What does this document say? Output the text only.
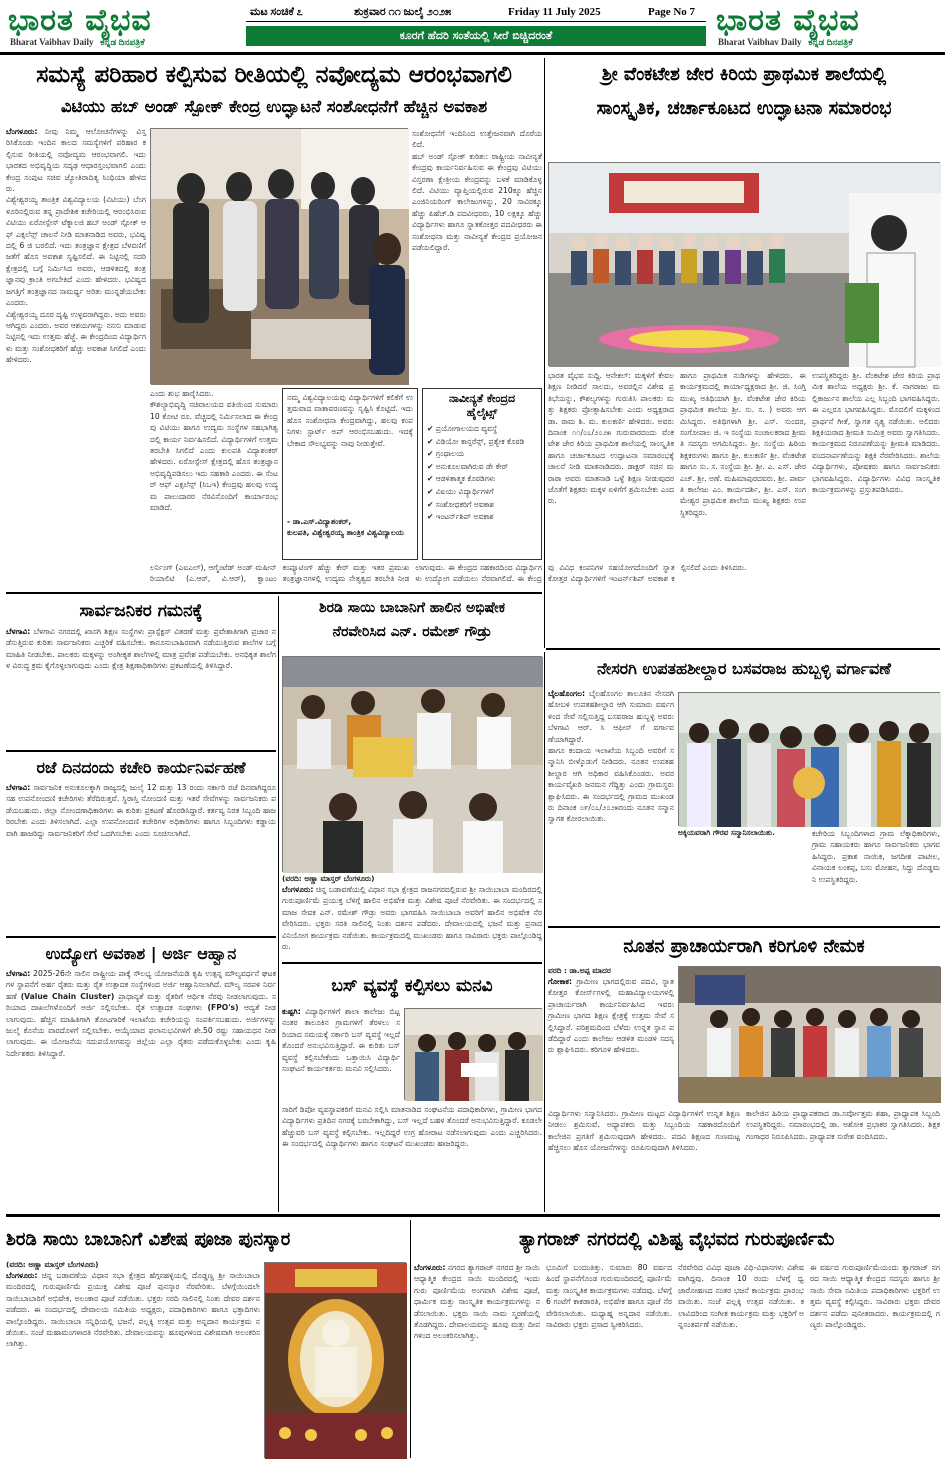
ಭಾರತ ವೈಭವ
Bharat Vaibhav Daily ಕನ್ನಡ ದಿನಪತ್ರಿಕೆ
ಮಟ ಸಂಚಿಕೆ ೭	ಶುಕ್ರವಾರ ೧೧ ಜುಲೈ ೨೦೨೫	Friday 11 July 2025	Page No 7
ಕೂರಗೆ ಹೆದರಿ ಸಂತೆಯಲ್ಲಿ ಸೀರೆ ಬಿಚ್ಚಿದರಂತೆ	ಭಾರತ ವೈಭವ
Bharat Vaibhav Daily ಕನ್ನಡ ದಿನಪತ್ರಿಕೆ
ಸಮಸ್ಯೆ ಪರಿಹಾರ ಕಲ್ಪಿಸುವ ರೀತಿಯಲ್ಲಿ ನವೋದ್ಯಮ ಆರಂಭವಾಗಲಿ
ವಿಟಿಯು ಹಬ್ ಅಂಡ್ ಸ್ಪೋಕ್ ಕೇಂದ್ರ ಉದ್ಘಾಟನೆ ಸಂಶೋಧನೆಗೆ ಹೆಚ್ಚಿನ ಅವಕಾಶ
ಬೆಂಗಳೂರು: ನೀವು ನಿಮ್ಮ ಆಲೋಚನೆಗಳನ್ನು ವಿಸ್ತರಿಸಿಕೊಂಡು ಇಂದಿನ ಕಾಲದ ಸಮಸ್ಯೆಗಳಿಗೆ ಪರಿಹಾರ ಕಲ್ಪಿಸುವ ರೀತಿಯಲ್ಲಿ ನವೋದ್ಯಮ ಆರಂಭವಾಗಲಿ. ಇದು ಭಾರತದ ಅಭಿವೃದ್ಧಿಯ ಸದೃಢ ಆಧಾರಸ್ತಂಭವಾಗಲಿ ಎಂದು ಕೇಂದ್ರ ಸಂಪುಟ ಸಚಿವ ಜ್ಯೋತಿರಾದಿತ್ಯ ಸಿಂಧಿಯಾ ಹೇಳಿದರು.
ವಿಶ್ವೇಶ್ವರಯ್ಯ ತಾಂತ್ರಿಕ ವಿಶ್ವವಿದ್ಯಾಲಯ (ವಿಟಿಯು) ಬೆಂಗಳೂರಿನಲ್ಲಿರುವ ತನ್ನ ಪ್ರಾದೇಶಿಕ ಕಚೇರಿಯಲ್ಲಿ ಆರಂಭಿಸಿರುವ ವಿಟಿಯು ಏರೋಸ್ಪೇಸ್ ಟೆಕ್ನಾಲಜಿ ಹಬ್ ಅಂಡ್ ಸ್ಪೋಕ್ ಆಫ್ ಎಕ್ಸಲೆನ್ಸ್ ಚಾಲನೆ ನೀಡಿ ಮಾತನಾಡಿದ ಅವರು, ಭವಿಷ್ಯದಲ್ಲಿ 6 ಜಿ ಬರಲಿದೆ. ಇದು ತಂತ್ರಜ್ಞಾನ ಕ್ಷೇತ್ರದ ಬೆಳವಣಿಗೆ ಜತೆಗೆ ಹೊಸ ಅವಕಾಶ ಸೃಷ್ಟಿಸಲಿದೆ. ಈ ನಿಟ್ಟಿನಲ್ಲಿ ಸದರಿ ಕ್ಷೇತ್ರದಲ್ಲಿ ಬಗ್ಗೆ ನಿರ್ಮಿಸಿದ ಅವರು, ಆಡಳಿತದಲ್ಲಿ ತಂತ್ರಜ್ಞಾನವು ಕ್ರಾಂತಿ ಅಗಬೇಕಿದೆ ಎಂದು ಹೇಳಿದರು. ಭವಿಷ್ಯದ ಜಗತ್ತಿಗೆ ತಂತ್ರಜ್ಞಾನದ ಸಾಮರ್ಥ್ಯ ಅರಿತು ಮುನ್ನಡೆಯಬೇಕು ಎಂದರು.
ವಿಶ್ವೇಶ್ವರಯ್ಯ ದೂರ ದೃಷ್ಟಿ ಉಳ್ಳವರಾಗಿದ್ದರು. ಅದು ಅವರು ಆಗಿದ್ದರು ಎಂದರು. ಅವರ ಆಶಯಗಳನ್ನು ನನಸು ಮಾಡುವ ನಿಟ್ಟಿನಲ್ಲಿ ಇದು ಉತ್ತಮ ಹೆಜ್ಜೆ. ಈ ಕೇಂದ್ರದಿಂದ ವಿದ್ಯಾರ್ಥಿಗಳು ಮತ್ತು ಸಂಶೋಧಕರಿಗೆ ಹೆಚ್ಚು ಅವಕಾಶ ಸಿಗಲಿದೆ ಎಂದು ಹೇಳಿದರು.
ಎಂದು ಶುಭ ಹಾರೈಸಿದರು.
ಕೌಶಲ್ಯಾಭಿವೃದ್ಧಿ ಸಚಿವಾಲಯದ ವತಿಯಿಂದ ಸುಮಾರು 10 ಕೋಟಿ ರೂ. ವೆಚ್ಚದಲ್ಲಿ ನಿರ್ಮಿಸಲಾದ ಈ ಕೇಂದ್ರವು ವಿಟಿಯು ಹಾಗೂ ಉದ್ಯಮ ಸಂಸ್ಥೆಗಳ ಸಹಭಾಗಿತ್ವದಲ್ಲಿ ಕಾರ್ಯ ನಿರ್ವಹಿಸಲಿದೆ. ವಿದ್ಯಾರ್ಥಿಗಳಿಗೆ ಉತ್ತಮ ತರಬೇತಿ ಸಿಗಲಿದೆ ಎಂದು ಕುಲಪತಿ ವಿದ್ಯಾಶಂಕರ್ ಹೇಳಿದರು. ಏರೋಸ್ಪೇಸ್ ಕ್ಷೇತ್ರದಲ್ಲಿ ಹೊಸ ತಂತ್ರಜ್ಞಾನ ಅಭಿವೃದ್ಧಿಪಡಿಸಲು ಇದು ಸಹಕಾರಿ ಎಂದರು. ಈ ಸೆಂಟರ್ ಆಫ್ ಎಕ್ಸಲೆನ್ಸ್ (ಸಿಒಇ) ಕೇಂದ್ರವು ಹಲವು ಉದ್ಯಮ ಪಾಲುದಾರರ ನೆರವಿನೊಂದಿಗೆ ಕಾರ್ಯಾರಂಭ ಮಾಡಿದೆ.
ನಮ್ಮ ವಿಶ್ವವಿದ್ಯಾಲಯವು ವಿದ್ಯಾರ್ಥಿಗಳಿಗೆ ಕಲಿಕೆಗೆ ಉತ್ತಮವಾದ ವಾತಾವರಣವನ್ನು ಸೃಷ್ಟಿಸಿ ಕೊಟ್ಟಿದೆ. ಇದು ಹೊಸ ಸಂಶೋಧನಾ ಕೇಂದ್ರವಾಗಿದ್ದು, ಹಲವು ಕಂಪನಿಗಳು ಸ್ಟಾರ್ಟ್ ಅಪ್ ಆರಂಭಿಸಬಹುದು. ಇದಕ್ಕೆ ಬೇಕಾದ ಸೌಲಭ್ಯವನ್ನು ನಾವು ನೀಡುತ್ತೇವೆ.
- ಡಾ.ಎಸ್.ವಿದ್ಯಾಶಂಕರ್,
ಕುಲಪತಿ, ವಿಶ್ವೇಶ್ವರಯ್ಯ ತಾಂತ್ರಿಕ ವಿಶ್ವವಿದ್ಯಾಲಯ
ನಾವೀನ್ಯತೆ ಕೇಂದ್ರದ
ಹೈಲೈಟ್ಸ್
✔ ಪ್ರಯೋಗಾಲಯದ ವ್ಯವಸ್ಥೆ
✔ ವಿಡಿಯೋ ಕಾನ್ಫರೆನ್ಸ್, ಪ್ರತ್ಯೇಕ ಕೊಠಡಿ
✔ ಗ್ರಂಥಾಲಯ
✔ ಅನುಕೂಲವಾಗಿರುವ ಡೇ ಕೇರ್
✔ ಆಡಳಿತಾತ್ಮಕ ಕೊಠಡಿಗಳು
✔ ವಿಐಯು ವಿದ್ಯಾರ್ಥಿಗಳಿಗೆ
✔ ಸಂಶೋಧಕರಿಗೆ ಅವಕಾಶ
✔ ಇಂಟರ್ನ್‌ಶಿಪ್ ಅವಕಾಶ
ಸಂಶೋಧನೆಗೆ ಇಂದಿನಿಂದ ಉತ್ತೇಜನವಾಗಿ ದೊರೆಯಲಿದೆ.
ಹಬ್ ಅಂಡ್ ಸ್ಪೋಕ್ ಕುರಿತು: ರಾಷ್ಟ್ರೀಯ ನಾವೀನ್ಯತೆ ಕೇಂದ್ರವು ಕಾರ್ಯನಿರ್ವಹಿಸುವ ಈ ಕೇಂದ್ರವು ವಿಟಿಯು ವಿಸ್ತರಣಾ ಕ್ಷೇತ್ರೀಯ ಕೇಂದ್ರವನ್ನು ಬಳಕೆ ಮಾಡಿಕೊಳ್ಳಲಿದೆ. ವಿಟಿಯು ವ್ಯಾಪ್ತಿಯಲ್ಲಿರುವ 210ಕ್ಕೂ ಹೆಚ್ಚಿನ ಎಂಜಿನಿಯರಿಂಗ್ ಕಾಲೇಜುಗಳನ್ನು, 20 ಸಾವಿರಕ್ಕೂ ಹೆಚ್ಚು ಪಿಹೆಚ್.ಡಿ ಪದವೀಧರರು, 10 ಲಕ್ಷಕ್ಕೂ ಹೆಚ್ಚು ವಿದ್ಯಾರ್ಥಿಗಳು ಹಾಗೂ ಸ್ನಾತಕೋತ್ತರ ಪದವೀಧರರು ಈ ಸಂಶೋಧನಾ ಮತ್ತು ನಾವೀನ್ಯತೆ ಕೇಂದ್ರದ ಪ್ರಯೋಜನ ಪಡೆಯಲಿದ್ದಾರೆ.
ಲರ್ನಿಂಗ್ (ಎಐಎಲ್), ಆಗ್ಮೆಂಟೆಡ್ ಅಂಡ್ ಮಷೀನ್ ರಿಯಾಲಿಟಿ (ಎ.ಆರ್, ವಿ.ಆರ್), ಕ್ವಾಂಟಂ ಕಂಪ್ಯೂಟಿಂಗ್ ಹೆಚ್ಚು ಕೇರ್ ಮತ್ತು ಇತರ ಪ್ರಮುಖ ತಂತ್ರಜ್ಞಾನಗಳಲ್ಲಿ ಉದ್ಯಮ ನೇತೃತ್ವದ ತರಬೇತಿ ನೀಡಲಾಗುವುದು. ಈ ಕೇಂದ್ರದ ಸಹಕಾರದಿಂದ ವಿದ್ಯಾರ್ಥಿಗಳು ಉದ್ಯೋಗ ಪಡೆಯಲು ನೆರವಾಗಲಿದೆ. ಈ ಕೇಂದ್ರವು ವಿವಿಧ ಕಂಪನಿಗಳ ಸಹಯೋಗದೊಂದಿಗೆ ಸ್ನಾತಕೋತ್ತರ ವಿದ್ಯಾರ್ಥಿಗಳಿಗೆ ಇಂಟರ್ನ್‌ಶಿಪ್ ಅವಕಾಶ ಕಲ್ಪಿಸಲಿದೆ ಎಂದು ತಿಳಿಸಿದರು.
ಶ್ರೀ ವೆಂಕಟೇಶ ಜೇರ ಕಿರಿಯ ಪ್ರಾಥಮಿಕ ಶಾಲೆಯಲ್ಲಿ
ಸಾಂಸ್ಕೃತಿಕ, ಚರ್ಚಾಕೂಟದ ಉದ್ಘಾಟನಾ ಸಮಾರಂಭ
ಭಾರತ ವೈಭವ ಸುದ್ದಿ. ಆನೇಕಲ್: ಮಕ್ಕಳಿಗೆ ಕೇವಲ ಶಿಕ್ಷಣ ನೀಡಿದರೆ ಸಾಲದು, ಅವರಲ್ಲಿನ ವಿಶೇಷ ಪ್ರತಿಭೆಯನ್ನು, ಕೌಶಲ್ಯಗಳನ್ನು ಗುರುತಿಸಿ ಪಾಲಕರು ಮತ್ತು ಶಿಕ್ಷಕರು ಪ್ರೋತ್ಸಾಹಿಸಬೇಕು ಎಂದು ಅಧ್ಯಕ್ಷರಾದ ಡಾ. ರಾಮ ಶಿ. ಮ. ಕುಲಕರ್ಣಿ ಹೇಳಿದರು. ಅವರು ದಿನಾಂಕ ೧೧/೦೭/೨೦೨೫ ಗುರುವಾರದಂದು ವೆಂಕಟೇಶ ಜೇರ ಕಿರಿಯ ಪ್ರಾಥಮಿಕ ಶಾಲೆಯಲ್ಲಿ ಸಾಂಸ್ಕೃತಿಕ ಹಾಗೂ ಚರ್ಚಾಕೂಟದ ಉದ್ಘಾಟನಾ ಸಮಾರಂಭಕ್ಕೆ ಚಾಲನೆ ನೀಡಿ ಮಾತನಾಡಿದರು. ಡಾಕ್ಟರ್ ಸಚಿನ ಮರಾಠಾ ಅವರು ಮಾತನಾಡಿ ಒಳ್ಳೆ ಶಿಕ್ಷಣ ನೀಡುವುದರ ಜೊತೆಗೆ ಶಿಕ್ಷಕರು ಮಕ್ಕಳ ಏಳಿಗೆಗೆ ಶ್ರಮಿಸಬೇಕು ಎಂದರು.
ಹಾಗೂ ಪ್ರಾಥಮಿಕ ನುಡಿಗಳನ್ನು ಹೇಳಿದರು. ಈ ಕಾರ್ಯಕ್ರಮದಲ್ಲಿ ಕಾರ್ಯಾಧ್ಯಕ್ಷರಾದ ಶ್ರೀ. ಜಿ. ಸಿಂಗ್ತಿ ಮುಖ್ಯ ಅತಿಥಿಯಾಗಿ ಶ್ರೀ. ವೆಂಕಟೇಶ ಜೇರ ಕಿರಿಯ ಪ್ರಾಥಮಿಕ ಶಾಲೆಯ ಶ್ರೀ. ಸು. ಸ. ) ಅವರು ಆಗಮಿಸಿದ್ದರು. ಅತಿಥಿಗಳಾಗಿ ಶ್ರೀ. ಎಸ್. ಸುಂದರ, ಸಂಗೋಪಾಲ ಜಿ. ಇ ಸಂಸ್ಥೆಯ ಸಂಚಾಲಕರಾದ ಶ್ರೀಮತಿ ಸದಸ್ಯರು ಅಗಮಿಸಿದ್ದರು. ಶ್ರೀ. ಸಂಸ್ಥೆಯ ಹಿರಿಯ ಶಿಕ್ಷಕರುಗಳು ಹಾಗೂ ಶ್ರೀ. ಕುಲಕರ್ಣಿ ಶ್ರೀ. ವೆಂಕಟೇಶ ಹಾಗೂ ಸು. ಸ. ಸಂಸ್ಥೆಯ ಶ್ರೀ. ಶ್ರೀ. ಎ. ಎಸ್. ಜೇರ ಎಚ್. ಶ್ರೀ. ಅಣೆ. ಮಹಿಮಾಪುರದವರು. ಶ್ರೀ. ಪಾರ್ವತಿ ಕಾಲೇಜು ಎಂ. ಕಾರ್ಯದರ್ಶಿ, ಶ್ರೀ. ಎಸ್. ಸಂಗಮೇಶ್ವರ ಪ್ರಾಥಮಿಕ ಶಾಲೆಯ ಮುಖ್ಯ ಶಿಕ್ಷಕರು ಉಪಸ್ಥಿತರಿದ್ದರು.
ಉಪಸ್ಥಿತರಿದ್ದರು ಶ್ರೀ. ವೆಂಕಟೇಶ ಜೇರ ಕಿರಿಯ ಪ್ರಾಥಮಿಕ ಶಾಲೆಯ ಅಧ್ಯಕ್ಷರು ಶ್ರೀ. ಕೆ. ನಾಗರಾಜು ಮಲ್ಲಿಕಾರ್ಜುನ ಶಾಲೆಯ ಎಲ್ಲ ಸಿಬ್ಬಂದಿ ಭಾಗವಹಿಸಿದ್ದರು. ಈ ಎಲ್ಲರೂ ಭಾಗವಹಿಸಿದ್ದರು. ಮೊದಲಿಗೆ ಮಕ್ಕಳಿಂದ ಪ್ರಾರ್ಥನೆ ಗೀತೆ, ಸ್ವಾಗತ ನೃತ್ಯ ನಡೆಯಿತು. ಅಲಿದರು ಶಿಕ್ಷಕಿಯರಾದ ಶ್ರೀಮತಿ ಸುಮಿತ್ರ ಅವರು ಸ್ವಾಗತಿಸಿದರು. ಕಾರ್ಯಕ್ರಮದ ನಿರೂಪಣೆಯನ್ನು ಶ್ರೀಮತಿ ಮಾಡಿದರು. ವಂದನಾರ್ಪಣೆಯನ್ನು ಶಿಕ್ಷಕಿ ನೆರವೇರಿಸಿದರು. ಶಾಲೆಯ ವಿದ್ಯಾರ್ಥಿಗಳು, ಪೋಷಕರು ಹಾಗೂ ಸಾರ್ವಜನಿಕರು ಭಾಗವಹಿಸಿದ್ದರು. ವಿದ್ಯಾರ್ಥಿಗಳು ವಿವಿಧ ಸಾಂಸ್ಕೃತಿಕ ಕಾರ್ಯಕ್ರಮಗಳನ್ನು ಪ್ರಸ್ತುತಪಡಿಸಿದರು.
ಸಾರ್ವಜನಿಕರ ಗಮನಕ್ಕೆ
ಬೆಳಗಾವಿ: ಬೆಳಗಾವಿ ನಗರದಲ್ಲಿ ಖಾಸಗಿ ಶಿಕ್ಷಣ ಸಂಸ್ಥೆಗಳು ಪ್ರಾಸ್ಪೆಕ್ಟಸ್ ವಿತರಣೆ ಮತ್ತು ಪ್ರವೇಶಾತಿಗಾಗಿ ಪ್ರಚಾರ ನಡೆಸುತ್ತಿರುವ ಕುರಿತು ಸಾರ್ವಜನಿಕರು ಎಚ್ಚರಿಕೆ ವಹಿಸಬೇಕು. ಕಾನೂನುಬಾಹಿರವಾಗಿ ನಡೆಯುತ್ತಿರುವ ಶಾಲೆಗಳ ಬಗ್ಗೆ ಮಾಹಿತಿ ನೀಡಬೇಕು. ಪಾಲಕರು ಮಕ್ಕಳನ್ನು ಅಂಗೀಕೃತ ಶಾಲೆಗಳಲ್ಲಿ ಮಾತ್ರ ಪ್ರವೇಶ ಪಡೆಯಬೇಕು. ಅನಧಿಕೃತ ಶಾಲೆಗಳ ವಿರುದ್ಧ ಕ್ರಮ ಕೈಗೊಳ್ಳಲಾಗುವುದು ಎಂದು ಕ್ಷೇತ್ರ ಶಿಕ್ಷಣಾಧಿಕಾರಿಗಳು ಪ್ರಕಟಣೆಯಲ್ಲಿ ತಿಳಿಸಿದ್ದಾರೆ.
ರಜೆ ದಿನದಂದು ಕಚೇರಿ ಕಾರ್ಯನಿರ್ವಹಣೆ
ಬೆಳಗಾವಿ: ಸಾರ್ವಜನಿಕ ಅನುಕೂಲಕ್ಕಾಗಿ ರಾಜ್ಯದಲ್ಲಿ ಜುಲೈ 12 ಮತ್ತು 13 ರಂದು ಸರ್ಕಾರಿ ರಜೆ ದಿನವಾಗಿದ್ದರೂ ಸಹ ಉಪನೋಂದಣಿ ಕಚೇರಿಗಳು ತೆರೆದಿರುತ್ತವೆ. ಸ್ಥಿರಾಸ್ತಿ ನೋಂದಣಿ ಮತ್ತು ಇತರೆ ಸೇವೆಗಳನ್ನು ಸಾರ್ವಜನಿಕರು ಪಡೆಯಬಹುದು. ಜಿಲ್ಲಾ ನೋಂದಣಾಧಿಕಾರಿಗಳು ಈ ಕುರಿತು ಪ್ರಕಟಣೆ ಹೊರಡಿಸಿದ್ದಾರೆ. ಕರ್ತವ್ಯ ನಿರತ ಸಿಬ್ಬಂದಿ ಹಾಜರಿರಬೇಕು ಎಂದು ತಿಳಿಸಲಾಗಿದೆ. ಎಲ್ಲಾ ಉಪನೋಂದಣಿ ಕಚೇರಿಗಳ ಅಧಿಕಾರಿಗಳು ಹಾಗೂ ಸಿಬ್ಬಂದಿಗಳು ಕಡ್ಡಾಯವಾಗಿ ಹಾಜರಿದ್ದು ಸಾರ್ವಜನಿಕರಿಗೆ ಸೇವೆ ಒದಗಿಸಬೇಕು ಎಂದು ಸೂಚಿಸಲಾಗಿದೆ.
ಉದ್ಯೋಗ ಅವಕಾಶ | ಅರ್ಜಿ ಆಹ್ವಾನ
ಬೆಳಗಾವಿ: 2025-26ನೇ ಸಾಲಿನ ರಾಷ್ಟ್ರೀಯ ಪಾಕ್ಕೆ ಸೌಲಭ್ಯ ಯೋಜನೆಯಡಿ ಕೃಷಿ ಉತ್ಪನ್ನ ಮೌಲ್ಯವರ್ಧನೆ ಘಟಕಗಳ ಸ್ಥಾಪನೆಗೆ ಅರ್ಹ ರೈತರು ಮತ್ತು ರೈತ ಉತ್ಪಾದಕ ಸಂಸ್ಥೆಗಳಿಂದ ಅರ್ಜಿ ಆಹ್ವಾನಿಸಲಾಗಿದೆ. ಮೌಲ್ಯ ಸರಪಳಿ ನಿರ್ವಹಣೆ (Value Chain Cluster) ಪ್ರಾಧಾನ್ಯತೆ ಮತ್ತು ರೈತರಿಗೆ ಆರ್ಥಿಕ ನೆರವು ನೀಡಲಾಗುವುದು. ಸರಿಯಾದ ದಾಖಲೆಗಳೊಂದಿಗೆ ಅರ್ಜಿ ಸಲ್ಲಿಸಬೇಕು. ರೈತ ಉತ್ಪಾದಕ ಸಂಘಗಳು (FPO's) ಆದ್ಯತೆ ನೀಡಲಾಗುವುದು. ಹೆಚ್ಚಿನ ಮಾಹಿತಿಗಾಗಿ ತೋಟಗಾರಿಕೆ ಇಲಾಖೆಯ ಕಚೇರಿಯನ್ನು ಸಂಪರ್ಕಿಸಬಹುದು. ಅರ್ಜಿಗಳನ್ನು ಜುಲೈ ಕೊನೆಯ ವಾರದೊಳಗೆ ಸಲ್ಲಿಸಬೇಕು. ಆಯ್ಕೆಯಾದ ಫಲಾನುಭವಿಗಳಿಗೆ ಶೇ.50 ರಷ್ಟು ಸಹಾಯಧನ ನೀಡಲಾಗುವುದು. ಈ ಯೋಜನೆಯ ಸದುಪಯೋಗವನ್ನು ಜಿಲ್ಲೆಯ ಎಲ್ಲಾ ರೈತರು ಪಡೆದುಕೊಳ್ಳಬೇಕು ಎಂದು ಕೃಷಿ ನಿರ್ದೇಶಕರು ತಿಳಿಸಿದ್ದಾರೆ.
ಶಿರಡಿ ಸಾಯಿ ಬಾಬಾನಿಗೆ ಹಾಲಿನ ಅಭಿಷೇಕ
ನೆರವೇರಿಸಿದ ಎನ್. ರಮೇಶ್ ಗೌಡ್ರು
(ವರದಿ: ಅಣ್ಣಾ ಮಾಸ್ತರ್ ಬೆಂಗಳೂರು)
ಬೆಂಗಳೂರು: ಚಿನ್ನ ಬಡಾವಣೆಯಲ್ಲಿ ವಿಧಾನ ಸಭಾ ಕ್ಷೇತ್ರದ ರಾಜನಗರದಲ್ಲಿರುವ ಶ್ರೀ ಸಾಯಿಬಾಬಾ ಮಂದಿರದಲ್ಲಿ ಗುರುಪೂರ್ಣಿಮೆ ಪ್ರಯುಕ್ತ ಬೆಳಿಗ್ಗೆ ಹಾಲಿನ ಅಭಿಷೇಕ ಮತ್ತು ವಿಶೇಷ ಪೂಜೆ ನೆರವೇರಿತು. ಈ ಸಂದರ್ಭದಲ್ಲಿ ಸಮಾಜ ಸೇವಕ ಎನ್. ರಮೇಶ್ ಗೌಡ್ರು ಅವರು ಭಾಗವಹಿಸಿ ಸಾಯಿಬಾಬಾ ಅವರಿಗೆ ಹಾಲಿನ ಅಭಿಷೇಕ ನೆರವೇರಿಸಿದರು. ಭಕ್ತರು ಸರತಿ ಸಾಲಿನಲ್ಲಿ ನಿಂತು ದರ್ಶನ ಪಡೆದರು. ದೇವಾಲಯದಲ್ಲಿ ಭಜನೆ ಮತ್ತು ಪ್ರಸಾದ ವಿನಿಯೋಗ ಕಾರ್ಯಕ್ರಮ ನಡೆಯಿತು. ಕಾರ್ಯಕ್ರಮದಲ್ಲಿ ಮುಖಂಡರು ಹಾಗೂ ಸಾವಿರಾರು ಭಕ್ತರು ಪಾಲ್ಗೊಂಡಿದ್ದರು.
ಬಸ್ ವ್ಯವಸ್ಥೆ ಕಲ್ಪಿಸಲು ಮನವಿ
ಕುಷ್ಟಗಿ: ವಿದ್ಯಾರ್ಥಿಗಳಿಗೆ ಶಾಲಾ ಕಾಲೇಜು ಬಿಟ್ಟ ನಂತರ ತಾಲೂಕಿನ ಗ್ರಾಮಗಳಿಗೆ ತೆರಳಲು ಸರಿಯಾದ ಸಮಯಕ್ಕೆ ಸರ್ಕಾರಿ ಬಸ್ ವ್ಯವಸ್ಥೆ ಇಲ್ಲದೆ ತೊಂದರೆ ಅನುಭವಿಸುತ್ತಿದ್ದಾರೆ. ಈ ಕುರಿತು ಬಸ್ ವ್ಯವಸ್ಥೆ ಕಲ್ಪಿಸಬೇಕೆಂದು ಒತ್ತಾಯಿಸಿ ವಿದ್ಯಾರ್ಥಿ ಸಂಘಟನೆ ಕಾರ್ಯಕರ್ತರು ಮನವಿ ಸಲ್ಲಿಸಿದರು.
ಸಾರಿಗೆ ಡಿಪೋ ವ್ಯವಸ್ಥಾಪಕರಿಗೆ ಮನವಿ ಸಲ್ಲಿಸಿ ಮಾತನಾಡಿದ ಸಂಘಟನೆಯ ಪದಾಧಿಕಾರಿಗಳು, ಗ್ರಾಮೀಣ ಭಾಗದ ವಿದ್ಯಾರ್ಥಿಗಳು ಪ್ರತಿದಿನ ನಗರಕ್ಕೆ ಬರಬೇಕಾಗಿದ್ದು, ಬಸ್ ಇಲ್ಲದೆ ಬಹಳ ತೊಂದರೆ ಅನುಭವಿಸುತ್ತಿದ್ದಾರೆ. ಕೂಡಲೇ ಹೆಚ್ಚುವರಿ ಬಸ್ ವ್ಯವಸ್ಥೆ ಕಲ್ಪಿಸಬೇಕು. ಇಲ್ಲದಿದ್ದರೆ ಉಗ್ರ ಹೋರಾಟ ನಡೆಸಲಾಗುವುದು ಎಂದು ಎಚ್ಚರಿಸಿದರು. ಈ ಸಂದರ್ಭದಲ್ಲಿ ವಿದ್ಯಾರ್ಥಿಗಳು ಹಾಗೂ ಸಂಘಟನೆ ಮುಖಂಡರು ಹಾಜರಿದ್ದರು.
ನೇಸರಗಿ ಉಪತಹಶೀಲ್ದಾರ ಬಸವರಾಜ ಹುಬ್ಬಳ್ಳಿ ವರ್ಗಾವಣೆ
ಬೈಲಹೊಂಗಲ: ಬೈಲಹೊಂಗಲ ತಾಲೂಕಿನ ನೇಸರಗಿ ಹೋಬಳಿ ಉಪತಹಶೀಲ್ದಾರ ಆಗಿ ಸುಮಾರು ವರ್ಷಗಳಿಂದ ಸೇವೆ ಸಲ್ಲಿಸುತ್ತಿದ್ದ ಬಸವರಾಜ ಹುಬ್ಬಳ್ಳಿ ಅವರು ಬೆಳಗಾವಿ ಆರ್. ಸಿ ಆಫೀಸ್ ಗೆ ವರ್ಗಾವಣೆಯಾಗಿದ್ದಾರೆ.
ಹಾಗೂ ಕಂದಾಯ ಇಲಾಖೆಯ ಸಿಬ್ಬಂದಿ ಅವರಿಗೆ ಸನ್ಮಾನಿಸಿ ಬೀಳ್ಕೊಡುಗೆ ನೀಡಿದರು. ನೂತನ ಉಪತಹಶೀಲ್ದಾರ ಆಗಿ ಅಧಿಕಾರ ವಹಿಸಿಕೊಂಡರು. ಅವರ ಕಾರ್ಯವೈಖರಿ ಜನಮನ ಗೆದ್ದಿತ್ತು ಎಂದು ಗ್ರಾಮಸ್ಥರು ಶ್ಲಾಘಿಸಿದರು. ಈ ಸಂದರ್ಭದಲ್ಲಿ ಗ್ರಾಮದ ಮುಖಂಡರು ದಿನಾಂಕ ೦೯/೦೭/೨೦೨೫ರಂದು ನೂತನ ಸನ್ಮಾನ ಸ್ವಾಗತ ಕೋರಲಾಯಿತು.
ಅಕ್ಕಿಯವರಾಗಿ ಗೌರವ ಸನ್ಮಾನಿಸಲಾಯಿತು.	ಕಚೇರಿಯ ಸಿಬ್ಬಂದಿಗಳಾದ ಗ್ರಾಮ ಲೆಕ್ಕಾಧಿಕಾರಿಗಳು, ಗ್ರಾಮ ಸಹಾಯಕರು ಹಾಗೂ ಸಾರ್ವಜನಿಕರು ಭಾಗವಹಿಸಿದ್ದರು. ಪ್ರಕಾಶ ನಾಯಿಕ, ಜಗದೀಶ ಪಾಟೀಲ, ವಿನಾಯಕ ಲಂಕಪ್ಪ, ಬಸು ಮೋಹನ, ಸಿದ್ದು ದೊಡ್ಡಮನಿ ಉಪಸ್ಥಿತರಿದ್ದರು.
ನೂತನ ಪ್ರಾಚಾರ್ಯರಾಗಿ ಕರಿಗೂಳಿ ನೇಮಕ
ವರದಿ : ಡಾ.ಅಪ್ಪ ಮಾದರ
ಗೋಕಾಕ: ಗ್ರಾಮೀಣ ಭಾಗದಲ್ಲಿರುವ ಪದವಿ, ಸ್ನಾತಕೋತ್ತರ ಕೋರ್ಸ್‌ಗಳಲ್ಲಿ ಮಹಾವಿದ್ಯಾಲಯಗಳಲ್ಲಿ ಪ್ರಾಚಾರ್ಯರಾಗಿ ಕಾರ್ಯನಿರ್ವಹಿಸಿದ ಇವರು ಗ್ರಾಮೀಣ ಭಾಗದ ಶಿಕ್ಷಣ ಕ್ಷೇತ್ರಕ್ಕೆ ಉತ್ತಮ ಸೇವೆ ಸಲ್ಲಿಸಿದ್ದಾರೆ. ಪರಿಶ್ರಮದಿಂದ ಬೆಳೆದು ಉನ್ನತ ಸ್ಥಾನ ಪಡೆದಿದ್ದಾರೆ ಎಂದು ಕಾಲೇಜು ಆಡಳಿತ ಮಂಡಳಿ ಸದಸ್ಯರು ಶ್ಲಾಘಿಸಿದರು. ಕರಿಗೂಳಿ ಹೇಳಿದರು.
ವಿದ್ಯಾರ್ಥಿಗಳು ಸನ್ಮಾನಿಸಿದರು. ಗ್ರಾಮೀಣ ಮಟ್ಟದ ವಿದ್ಯಾರ್ಥಿಗಳಿಗೆ ಉನ್ನತ ಶಿಕ್ಷಣ ನೀಡಲು ಶ್ರಮಿಸುವೆ. ಅಧ್ಯಾಪಕರು ಮತ್ತು ಸಿಬ್ಬಂದಿಯ ಸಹಕಾರದೊಂದಿಗೆ ಕಾಲೇಜಿನ ಪ್ರಗತಿಗೆ ಶ್ರಮಿಸುವುದಾಗಿ ಹೇಳಿದರು. ಪದವಿ ಶಿಕ್ಷಣದ ಗುಣಮಟ್ಟ ಹೆಚ್ಚಿಸಲು ಹೊಸ ಯೋಜನೆಗಳನ್ನು ರೂಪಿಸುವುದಾಗಿ ತಿಳಿಸಿದರು.
ಕಾಲೇಜಿನ ಹಿರಿಯ ಪ್ರಾಧ್ಯಾಪಕರಾದ ಡಾ.ಸರ್ವೋತ್ತಮ ಶಹಾ, ಪ್ರಾಧ್ಯಾಪಕ ಸಿಬ್ಬಂದಿ ಉಪಸ್ಥಿತರಿದ್ದರು. ಸಮಾರಂಭದಲ್ಲಿ ಡಾ. ಅಶೋಕ ಪ್ರಭಾಕರ ಸ್ವಾಗತಿಸಿದರು. ಶಿಕ್ಷಕ ಗಂಗಾಧರ ನಿರೂಪಿಸಿದರು. ಪ್ರಾಧ್ಯಾಪಕ ಸುರೇಶ ವಂದಿಸಿದರು.
ಶಿರಡಿ ಸಾಯಿ ಬಾಬಾನಿಗೆ ವಿಶೇಷ ಪೂಜಾ ಪುನಸ್ಕಾರ
(ವರದಿ: ಅಣ್ಣಾ ಮಾಸ್ತರ್ ಬೆಂಗಳೂರು)
ಬೆಂಗಳೂರು: ಚಿನ್ನ ಬಡಾವಣೆಯ ವಿಧಾನ ಸಭಾ ಕ್ಷೇತ್ರದ ಹೆಗ್ಗನಹಳ್ಳಿಯಲ್ಲಿ ದೊಡ್ಡಣ್ಣ ಶ್ರೀ ಸಾಯಿಬಾಬಾ ಮಂದಿರದಲ್ಲಿ ಗುರುಪೂರ್ಣಿಮೆ ಪ್ರಯುಕ್ತ ವಿಶೇಷ ಪೂಜೆ ಪುನಸ್ಕಾರ ನೆರವೇರಿತು. ಬೆಳಗ್ಗೆಯಿಂದಲೇ ಸಾಯಿಬಾಬಾರಿಗೆ ಅಭಿಷೇಕ, ಅಲಂಕಾರ ಪೂಜೆ ನಡೆಯಿತು. ಭಕ್ತರು ಸರದಿ ಸಾಲಿನಲ್ಲಿ ನಿಂತು ದೇವರ ದರ್ಶನ ಪಡೆದರು. ಈ ಸಂದರ್ಭದಲ್ಲಿ ದೇವಾಲಯ ಸಮಿತಿಯ ಅಧ್ಯಕ್ಷರು, ಪದಾಧಿಕಾರಿಗಳು ಹಾಗೂ ಭಕ್ತಾದಿಗಳು ಪಾಲ್ಗೊಂಡಿದ್ದರು. ಸಾಯಿಬಾಬಾ ಸನ್ನಿಧಿಯಲ್ಲಿ ಭಜನೆ, ಪಲ್ಲಕ್ಕಿ ಉತ್ಸವ ಮತ್ತು ಅನ್ನದಾನ ಕಾರ್ಯಕ್ರಮ ನಡೆಯಿತು. ಸಂಜೆ ಮಹಾಮಂಗಳಾರತಿ ನೆರವೇರಿತು. ದೇವಾಲಯವನ್ನು ಹೂವುಗಳಿಂದ ವಿಶೇಷವಾಗಿ ಅಲಂಕರಿಸಲಾಗಿತ್ತು.
ತ್ಯಾಗರಾಜ್ ನಗರದಲ್ಲಿ ವಿಶಿಷ್ಟ ವೈಭವದ ಗುರುಪೂರ್ಣಿಮೆ
ಬೆಂಗಳೂರು: ನಗರದ ತ್ಯಾಗರಾಜ್ ನಗರದ ಶ್ರೀ ಸಾಯಿ ಆಧ್ಯಾತ್ಮಿಕ ಕೇಂದ್ರದ ಸಾಯಿ ಮಂದಿರದಲ್ಲಿ ಇಂದು ಗುರು ಪೂರ್ಣಿಮೆಯ ಅಂಗವಾಗಿ ವಿಶೇಷ ಪೂಜೆ, ಧಾರ್ಮಿಕ ಮತ್ತು ಸಾಂಸ್ಕೃತಿಕ ಕಾರ್ಯಕ್ರಮಗಳನ್ನು ನಡೆಸಲಾಯಿತು. ಭಕ್ತರು ಸಾಯಿ ನಾಮ ಸ್ಮರಣೆಯಲ್ಲಿ ತೊಡಗಿದ್ದರು. ದೇವಾಲಯವನ್ನು ಹೂವು ಮತ್ತು ದೀಪಗಳಿಂದ ಅಲಂಕರಿಸಲಾಗಿತ್ತು.
ಭೂಮಿಗೆ ಬಂದಂತಿತ್ತು. ಸುಮಾರು 80 ವರ್ಷದ ಹಿಂದೆ ಸ್ಥಾಪನೆಗೊಂಡ ಗುರುಮಂದಿರದಲ್ಲಿ ಪೂರ್ಣಿಮೆ ಮತ್ತು ಸಾಂಸ್ಕೃತಿಕ ಕಾರ್ಯಕ್ರಮಗಳು ನಡೆದವು. ಬೆಳಗ್ಗೆ 6 ಗಂಟೆಗೆ ಕಾಕಡಾರತಿ, ಅಭಿಷೇಕ ಹಾಗೂ ಪೂಜೆ ನೆರವೇರಿಸಲಾಯಿತು. ಮಧ್ಯಾಹ್ನ ಅನ್ನದಾನ ನಡೆಯಿತು. ಸಾವಿರಾರು ಭಕ್ತರು ಪ್ರಸಾದ ಸ್ವೀಕರಿಸಿದರು.
ನೆರವೇರಿದ ವಿವಿಧ ಪೂಜಾ ವಿಧಿ-ವಿಧಾನಗಳು ವಿಶೇಷವಾಗಿದ್ದವು. ದಿನಾಂಕ 10 ರಂದು ಬೆಳಗ್ಗೆ ಧ್ವಜಾರೋಹಣದ ನಂತರ ಭಜನೆ ಕಾರ್ಯಕ್ರಮ ಪ್ರಾರಂಭವಾಯಿತು. ಸಂಜೆ ಪಲ್ಲಕ್ಕಿ ಉತ್ಸವ ನಡೆಯಿತು. ಕಲಾವಿದರಿಂದ ಸಂಗೀತ ಕಾರ್ಯಕ್ರಮ ಮತ್ತು ಭಕ್ತರಿಗೆ ಅನ್ನಸಂತರ್ಪಣೆ ನಡೆಯಿತು.
ಈ ವರ್ಷದ ಗುರುಪೂರ್ಣಿಮೆಯಂದು ತ್ಯಾಗರಾಜ್ ನಗರದ ಸಾಯಿ ಆಧ್ಯಾತ್ಮಿಕ ಕೇಂದ್ರದ ಸದಸ್ಯರು ಹಾಗೂ ಶ್ರೀ ಸಾಯಿ ಸೇವಾ ಸಮಿತಿಯ ಪದಾಧಿಕಾರಿಗಳು ಭಕ್ತರಿಗೆ ಉತ್ತಮ ವ್ಯವಸ್ಥೆ ಕಲ್ಪಿಸಿದ್ದರು. ಸಾವಿರಾರು ಭಕ್ತರು ದೇವರ ದರ್ಶನ ಪಡೆದು ಪುನೀತರಾದರು. ಕಾರ್ಯಕ್ರಮದಲ್ಲಿ ಗಣ್ಯರು ಪಾಲ್ಗೊಂಡಿದ್ದರು.
